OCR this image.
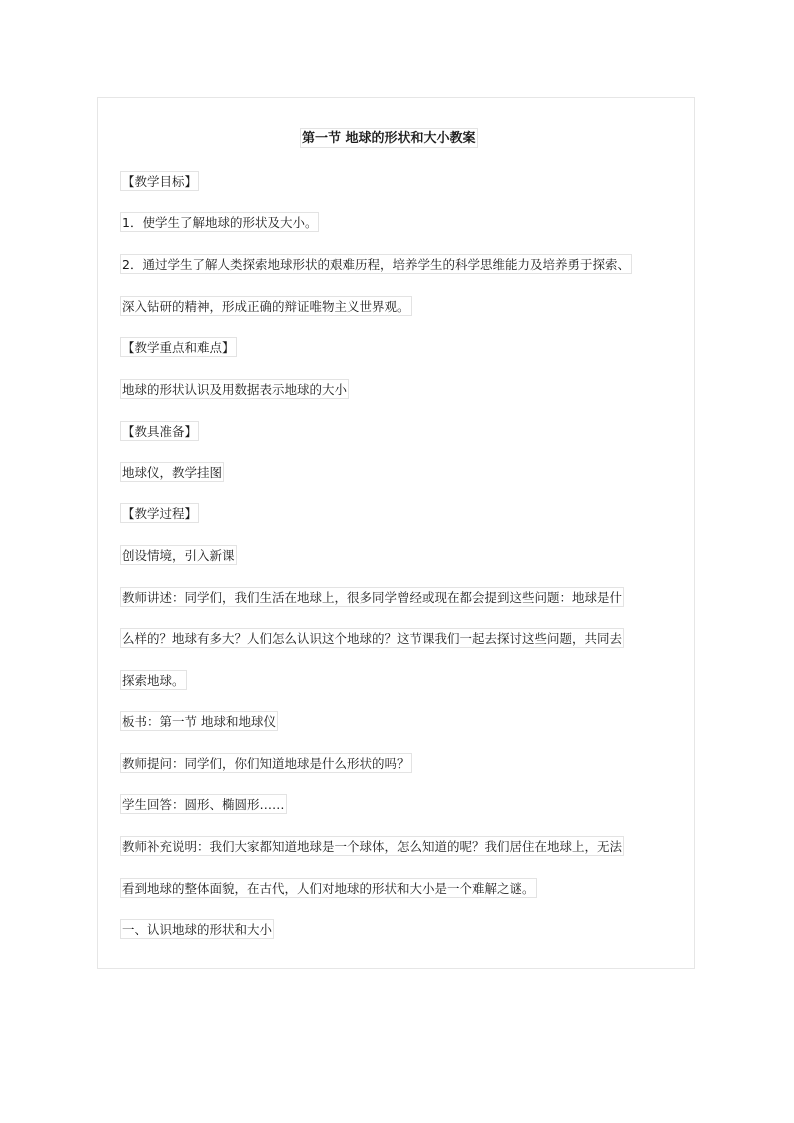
第一节 地球的形状和大小教案
【教学目标】
1．使学生了解地球的形状及大小。
2．通过学生了解人类探索地球形状的艰难历程，培养学生的科学思维能力及培养勇于探索、
深入钻研的精神，形成正确的辩证唯物主义世界观。
【教学重点和难点】
地球的形状认识及用数据表示地球的大小
【教具准备】
地球仪，教学挂图
【教学过程】
创设情境，引入新课
教师讲述：同学们，我们生活在地球上，很多同学曾经或现在都会提到这些问题：地球是什
么样的？地球有多大？人们怎么认识这个地球的？这节课我们一起去探讨这些问题，共同去
探索地球。
板书：第一节 地球和地球仪
教师提问：同学们，你们知道地球是什么形状的吗？
学生回答：圆形、椭圆形……
教师补充说明：我们大家都知道地球是一个球体，怎么知道的呢？我们居住在地球上，无法
看到地球的整体面貌，在古代，人们对地球的形状和大小是一个难解之谜。
一、认识地球的形状和大小
